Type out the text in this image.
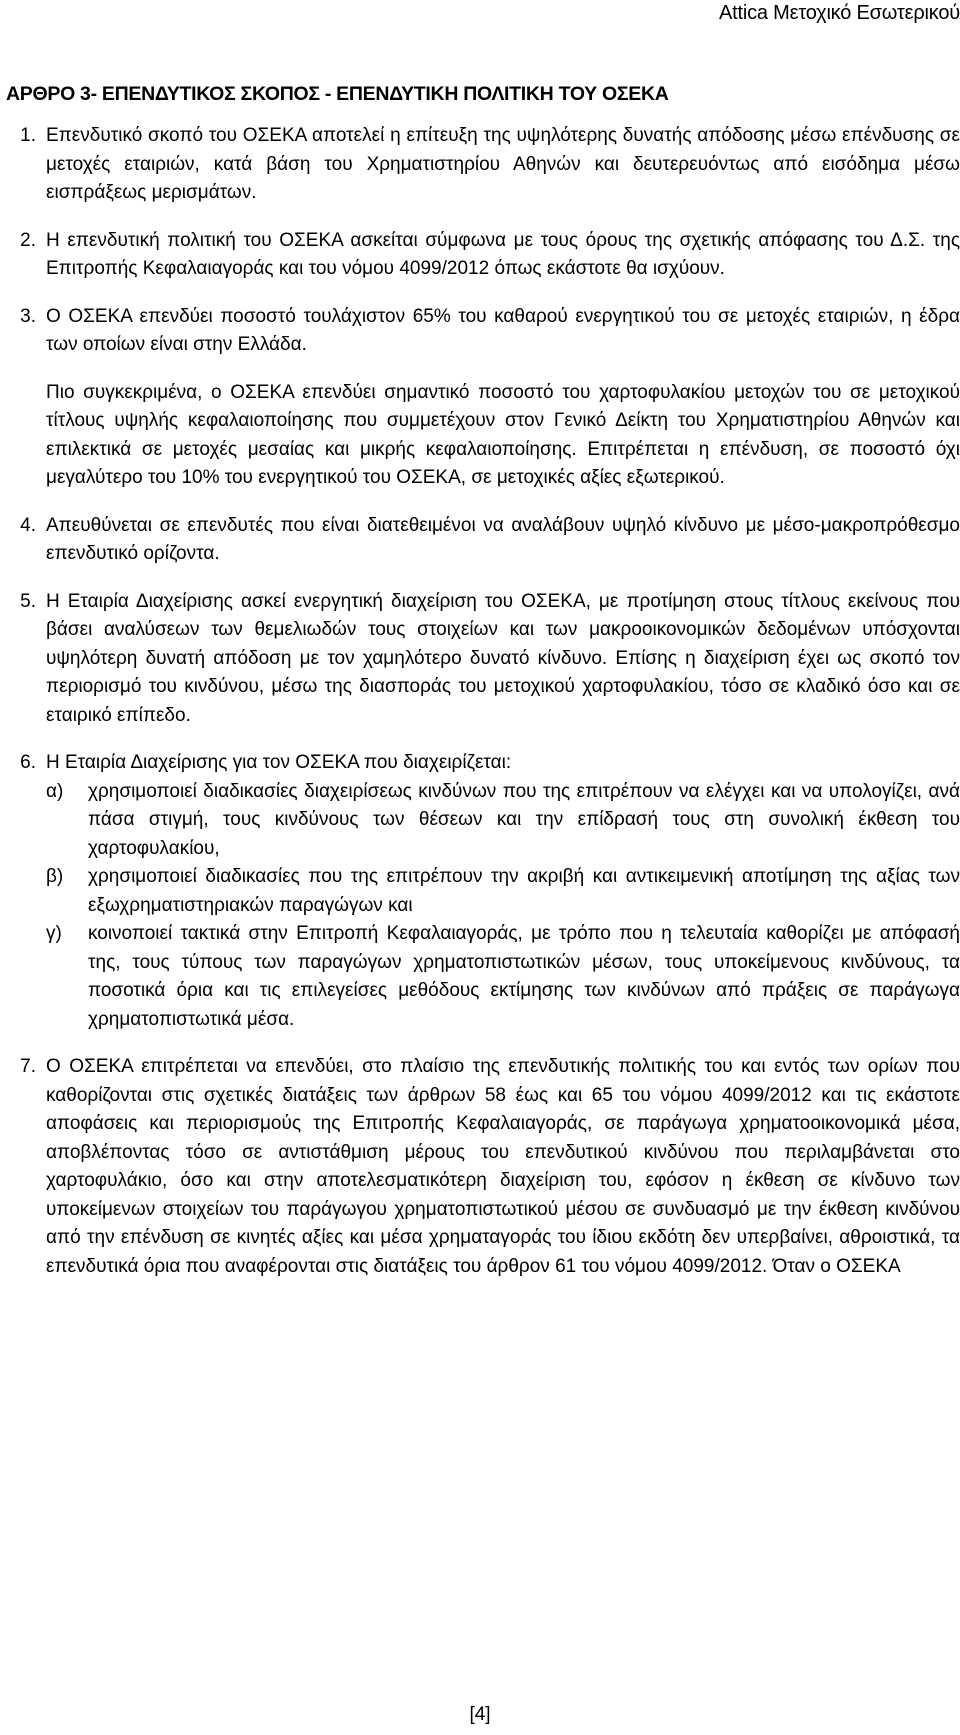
Attica Μετοχικό Εσωτερικού
ΑΡΘΡΟ 3- ΕΠΕΝΔΥΤΙΚΟΣ ΣΚΟΠΟΣ - ΕΠΕΝΔΥΤΙΚΗ ΠΟΛΙΤΙΚΗ ΤΟΥ ΟΣΕΚΑ
1. Επενδυτικό σκοπό του ΟΣΕΚΑ αποτελεί η επίτευξη της υψηλότερης δυνατής απόδοσης μέσω επένδυσης σε μετοχές εταιριών, κατά βάση του Χρηματιστηρίου Αθηνών και δευτερευόντως από εισόδημα μέσω εισπράξεως μερισμάτων.
2. Η επενδυτική πολιτική του ΟΣΕΚΑ ασκείται σύμφωνα με τους όρους της σχετικής απόφασης του Δ.Σ. της Επιτροπής Κεφαλαιαγοράς και του νόμου 4099/2012 όπως εκάστοτε θα ισχύουν.
3. Ο ΟΣΕΚΑ επενδύει ποσοστό τουλάχιστον 65% του καθαρού ενεργητικού του σε μετοχές εταιριών, η έδρα των οποίων είναι στην Ελλάδα.
Πιο συγκεκριμένα, ο ΟΣΕΚΑ επενδύει σημαντικό ποσοστό του χαρτοφυλακίου μετοχών του σε μετοχικού τίτλους υψηλής κεφαλαιοποίησης που συμμετέχουν στον Γενικό Δείκτη του Χρηματιστηρίου Αθηνών και επιλεκτικά σε μετοχές μεσαίας και μικρής κεφαλαιοποίησης. Επιτρέπεται η επένδυση, σε ποσοστό όχι μεγαλύτερο του 10% του ενεργητικού του ΟΣΕΚΑ, σε μετοχικές αξίες εξωτερικού.
4. Απευθύνεται σε επενδυτές που είναι διατεθειμένοι να αναλάβουν υψηλό κίνδυνο με μέσο-μακροπρόθεσμο επενδυτικό ορίζοντα.
5. Η Εταιρία Διαχείρισης ασκεί ενεργητική διαχείριση του ΟΣΕΚΑ, με προτίμηση στους τίτλους εκείνους που βάσει αναλύσεων των θεμελιωδών τους στοιχείων και των μακροοικονομικών δεδομένων υπόσχονται υψηλότερη δυνατή απόδοση με τον χαμηλότερο δυνατό κίνδυνο. Επίσης η διαχείριση έχει ως σκοπό τον περιορισμό του κινδύνου, μέσω της διασποράς του μετοχικού χαρτοφυλακίου, τόσο σε κλαδικό όσο και σε εταιρικό επίπεδο.
6. Η Εταιρία Διαχείρισης για τον ΟΣΕΚΑ που διαχειρίζεται:
α) χρησιμοποιεί διαδικασίες διαχειρίσεως κινδύνων που της επιτρέπουν να ελέγχει και να υπολογίζει, ανά πάσα στιγμή, τους κινδύνους των θέσεων και την επίδρασή τους στη συνολική έκθεση του χαρτοφυλακίου,
β) χρησιμοποιεί διαδικασίες που της επιτρέπουν την ακριβή και αντικειμενική αποτίμηση της αξίας των εξωχρηματιστηριακών παραγώγων και
γ) κοινοποιεί τακτικά στην Επιτροπή Κεφαλαιαγοράς, με τρόπο που η τελευταία καθορίζει με απόφασή της, τους τύπους των παραγώγων χρηματοπιστωτικών μέσων, τους υποκείμενους κινδύνους, τα ποσοτικά όρια και τις επιλεγείσες μεθόδους εκτίμησης των κινδύνων από πράξεις σε παράγωγα χρηματοπιστωτικά μέσα.
7. Ο ΟΣΕΚΑ επιτρέπεται να επενδύει, στο πλαίσιο της επενδυτικής πολιτικής του και εντός των ορίων που καθορίζονται στις σχετικές διατάξεις των άρθρων 58 έως και 65 του νόμου 4099/2012 και τις εκάστοτε αποφάσεις και περιορισμούς της Επιτροπής Κεφαλαιαγοράς, σε παράγωγα χρηματοοικονομικά μέσα, αποβλέποντας τόσο σε αντιστάθμιση μέρους του επενδυτικού κινδύνου που περιλαμβάνεται στο χαρτοφυλάκιο, όσο και στην αποτελεσματικότερη διαχείριση του, εφόσον η έκθεση σε κίνδυνο των υποκείμενων στοιχείων του παράγωγου χρηματοπιστωτικού μέσου σε συνδυασμό με την έκθεση κινδύνου από την επένδυση σε κινητές αξίες και μέσα χρηματαγοράς του ίδιου εκδότη δεν υπερβαίνει, αθροιστικά, τα επενδυτικά όρια που αναφέρονται στις διατάξεις του άρθρον 61 του νόμου 4099/2012. Όταν ο ΟΣΕΚΑ
[4]
